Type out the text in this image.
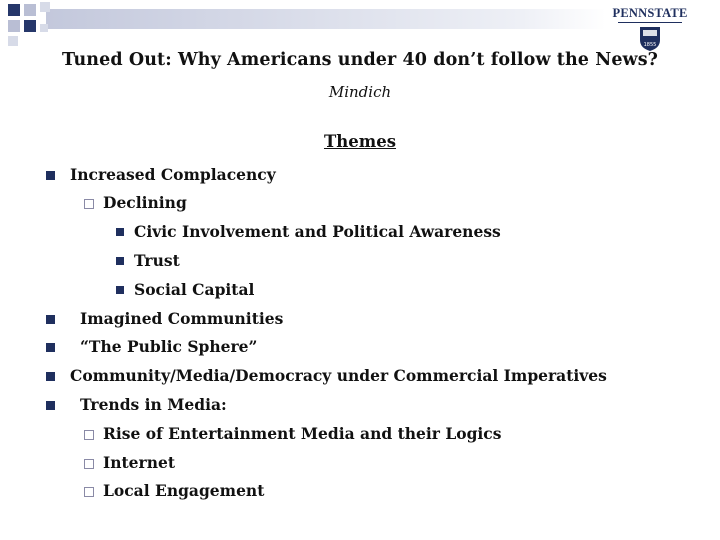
PENNSTATE
1855
Tuned Out: Why Americans under 40 don’t follow the News?
Mindich
Themes
Increased Complacency
Declining
Civic Involvement and Political Awareness
Trust
Social Capital
Imagined Communities
“The Public Sphere”
Community/Media/Democracy under Commercial Imperatives
Trends in Media:
Rise of Entertainment Media and their Logics
Internet
Local Engagement
